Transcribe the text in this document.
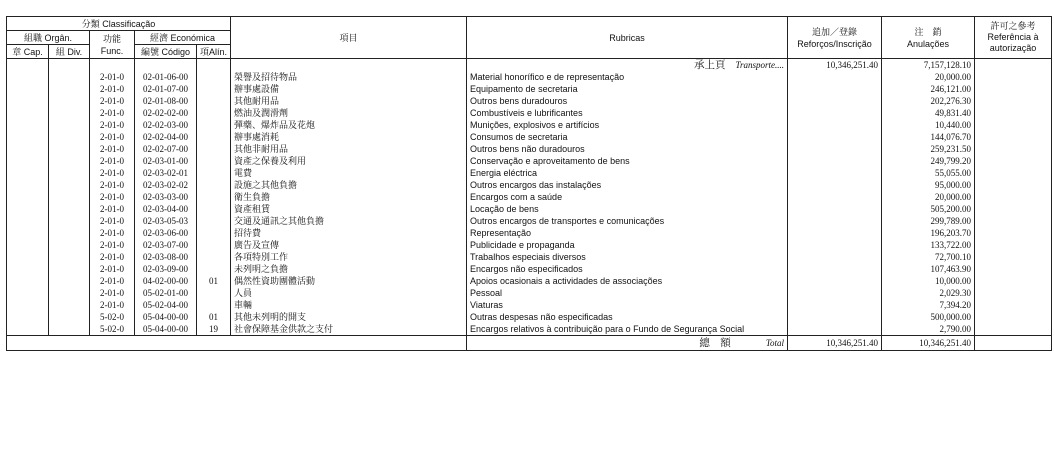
分類 Classificação					項目	Rubricas	追加／登錄
Reforços/Inscrição	注　銷
Anulações	許可之參考
Referência à
autorização
組職 Orgân.		功能
Func.	經濟 Económica						
章 Cap.	組 Div.		編號 Código	項Alín.					
						承上頁 Transporte....	10,346,251.40	7,157,128.10	
		2-01-0	02-01-06-00		榮譽及招待物品	Material honorífico e de representação		20,000.00	
		2-01-0	02-01-07-00		辦事處設備	Equipamento de secretaria		246,121.00	
		2-01-0	02-01-08-00		其他耐用品	Outros bens duradouros		202,276.30	
		2-01-0	02-02-02-00		燃油及潤滑劑	Combustíveis e lubrificantes		49,831.40	
		2-01-0	02-02-03-00		彈藥、爆炸品及花炮	Munições, explosivos e artifícios		10,440.00	
		2-01-0	02-02-04-00		辦事處消耗	Consumos de secretaria		144,076.70	
		2-01-0	02-02-07-00		其他非耐用品	Outros bens não duradouros		259,231.50	
		2-01-0	02-03-01-00		資產之保養及利用	Conservação e aproveitamento de bens		249,799.20	
		2-01-0	02-03-02-01		電費	Energia eléctrica		55,055.00	
		2-01-0	02-03-02-02		設施之其他負擔	Outros encargos das instalações		95,000.00	
		2-01-0	02-03-03-00		衛生負擔	Encargos com a saúde		20,000.00	
		2-01-0	02-03-04-00		資產租賃	Locação de bens		505,200.00	
		2-01-0	02-03-05-03		交通及通訊之其他負擔	Outros encargos de transportes e comunicações		299,789.00	
		2-01-0	02-03-06-00		招待費	Representação		196,203.70	
		2-01-0	02-03-07-00		廣告及宣傳	Publicidade e propaganda		133,722.00	
		2-01-0	02-03-08-00		各項特別工作	Trabalhos especiais diversos		72,700.10	
		2-01-0	02-03-09-00		未列明之負擔	Encargos não especificados		107,463.90	
		2-01-0	04-02-00-00	01	偶然性資助團體活動	Apoios ocasionais a actividades de associações		10,000.00	
		2-01-0	05-02-01-00		人員	Pessoal		2,029.30	
		2-01-0	05-02-04-00		車輛	Viaturas		7,394.20	
		5-02-0	05-04-00-00	01	其他未列明的開支	Outras despesas não especificadas		500,000.00	
		5-02-0	05-04-00-00	19	社會保障基金供款之支付	Encargos relativos à contribuição para o Fundo de Segurança Social		2,790.00	
						總　額 Total	10,346,251.40	10,346,251.40	
